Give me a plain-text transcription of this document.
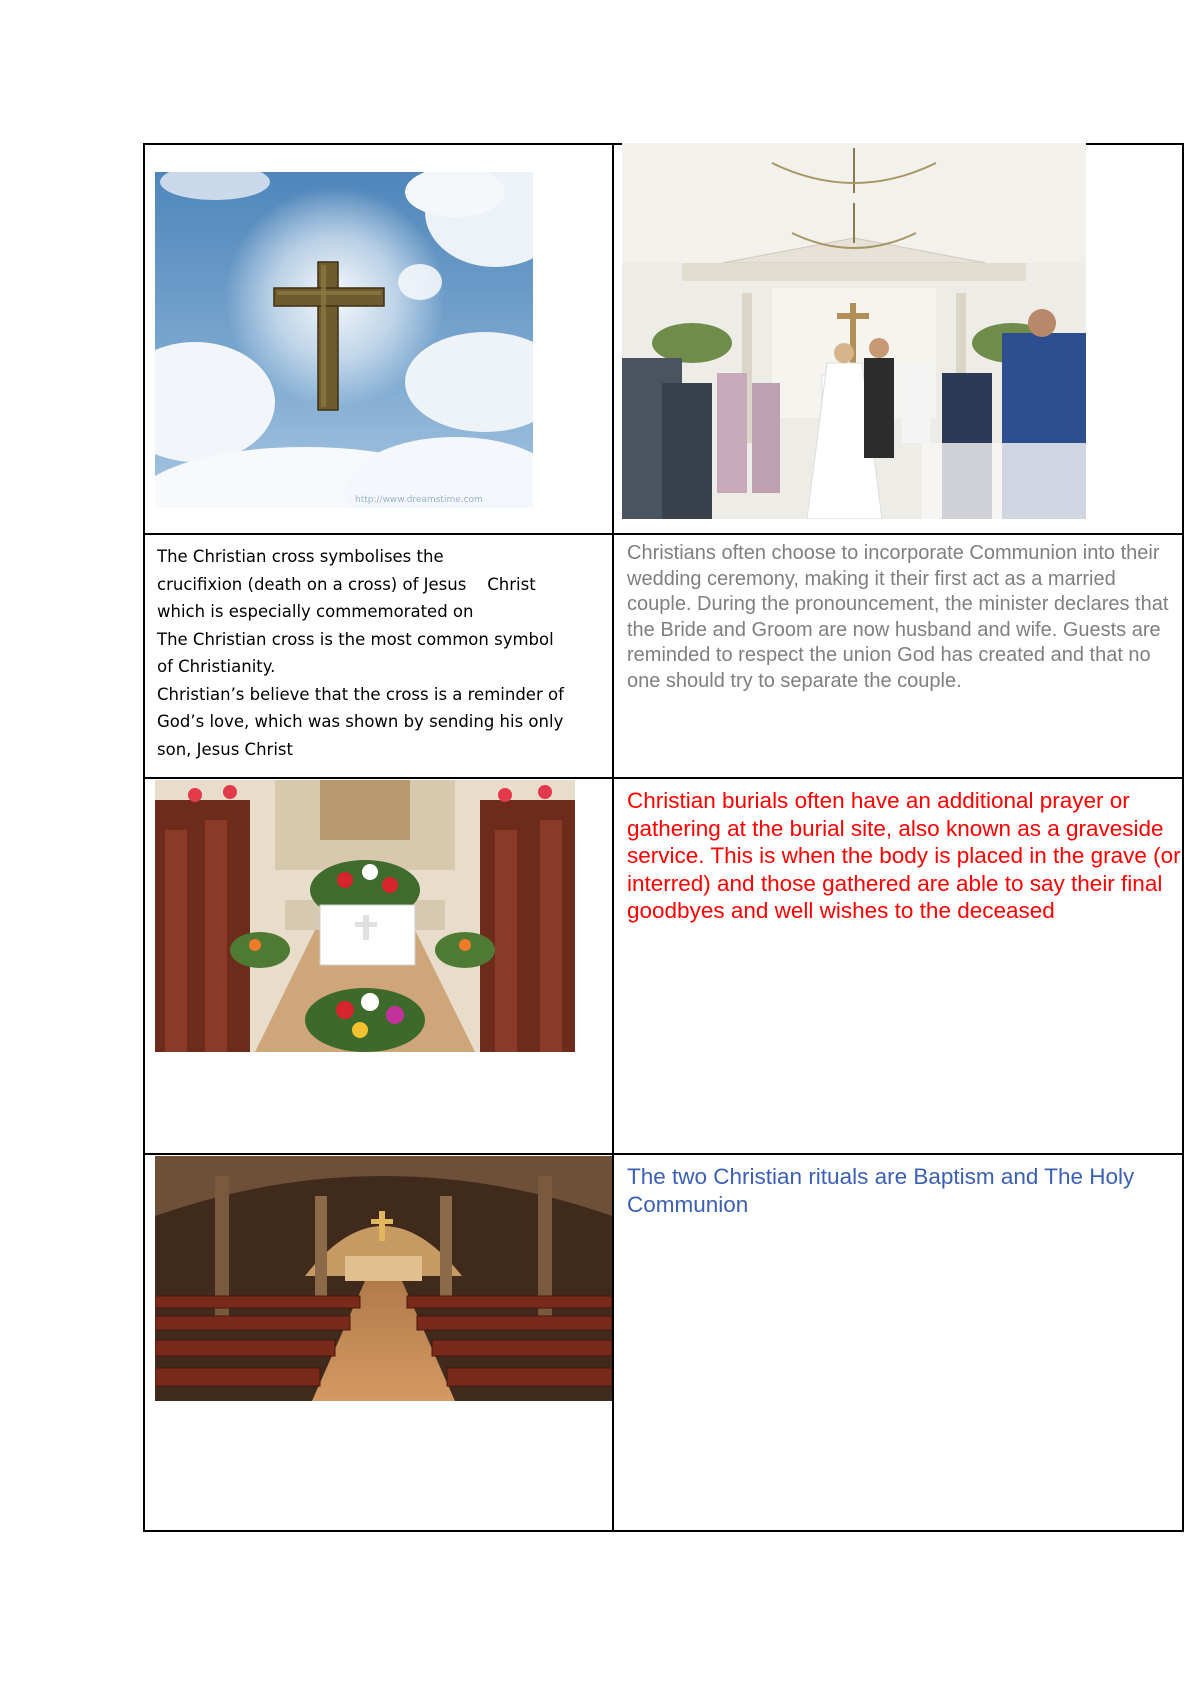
http://www.dreamstime.com
The Christian cross symbolises the
crucifixion (death on a cross) of Jesus    Christ
which is especially commemorated on
The Christian cross is the most common symbol
of Christianity.
Christian’s believe that the cross is a reminder of
God’s love, which was shown by sending his only
son, Jesus Christ
Christians often choose to incorporate Communion into their wedding ceremony, making it their first act as a married couple. During the pronouncement, the minister declares that the Bride and Groom are now husband and wife. Guests are reminded to respect the union God has created and that no one should try to separate the couple.
Christian burials often have an additional prayer or gathering at the burial site, also known as a graveside service. This is when the body is placed in the grave (or interred) and those gathered are able to say their final goodbyes and well wishes to the deceased
The two Christian rituals are Baptism and The Holy Communion
